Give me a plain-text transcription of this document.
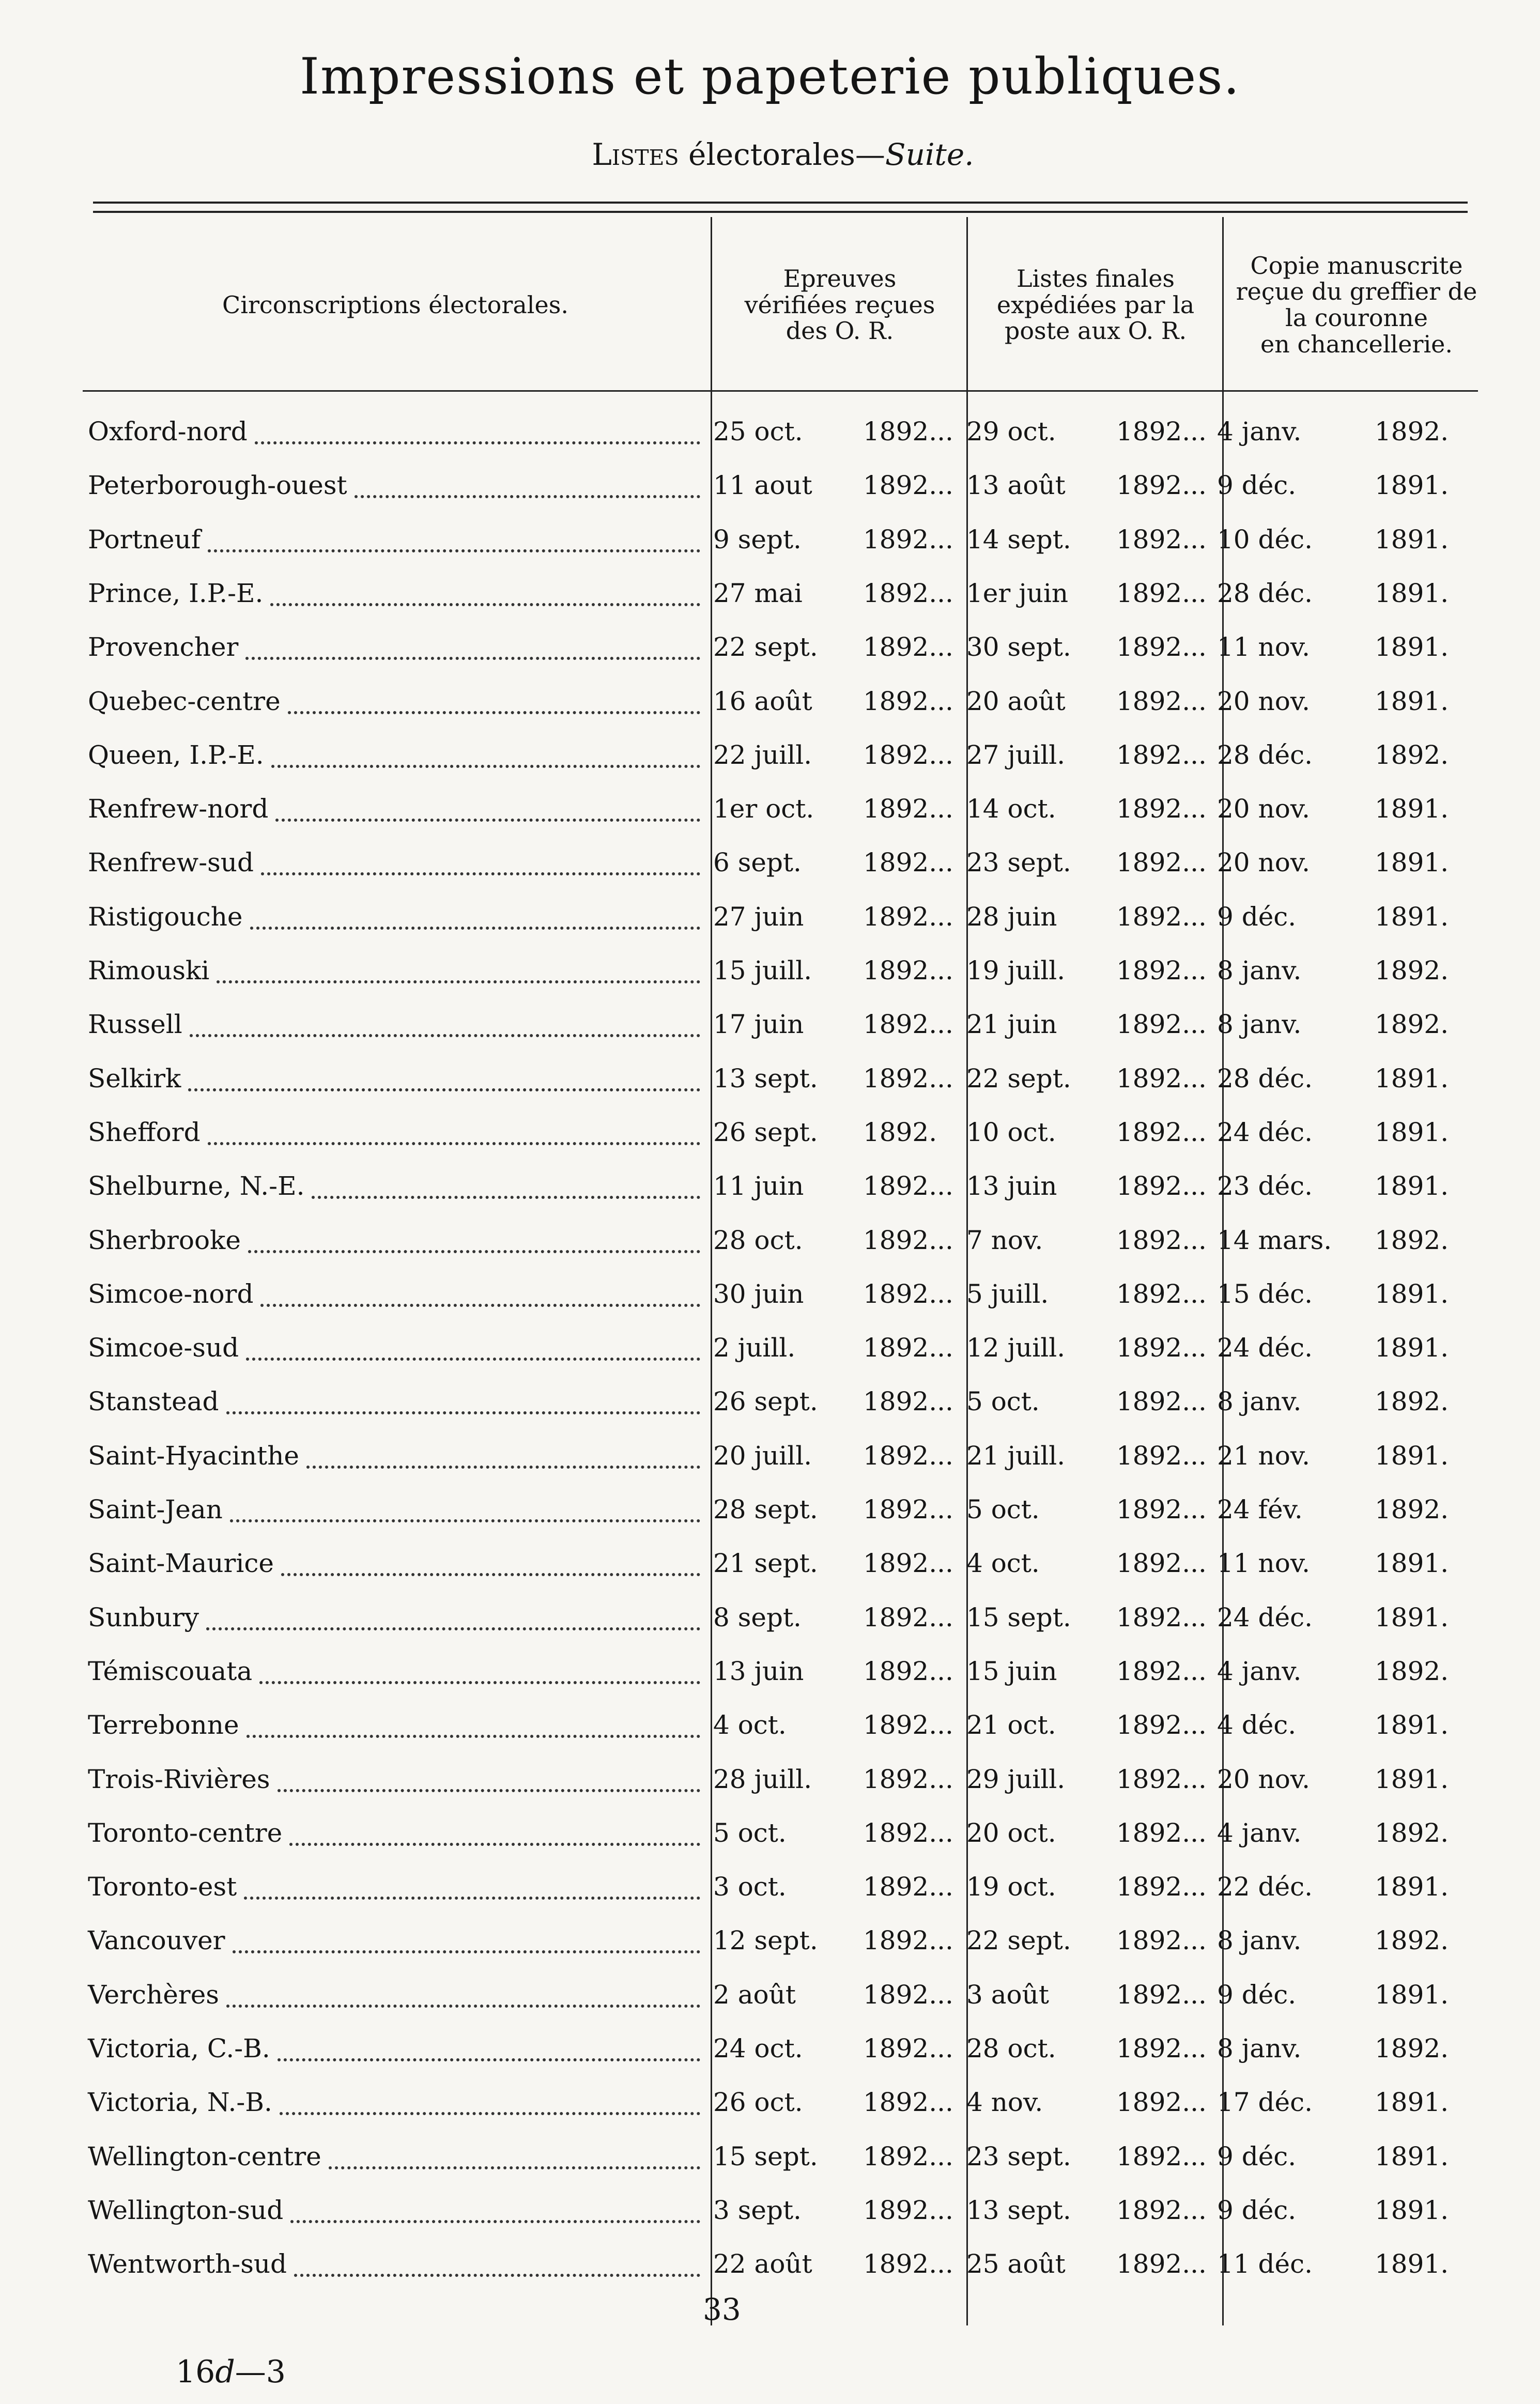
Impressions et papeterie publiques.
Listes électorales—Suite.
Circonscriptions électorales.
Epreuves
vérifiées reçues
des O. R.
Listes finales
expédiées par la
poste aux O. R.
Copie manuscrite
reçue du greffier de
la couronne
en chancellerie.
Oxford-nord	25 oct. 1892... 29 oct. 1892... 4 janv.	1892.
Peterborough-ouest	11 aout 1892... 13 août 1892... 9 déc.	1891.
Portneuf	9 sept. 1892... 14 sept. 1892... 10 déc. 1891.
Prince, I.P.-E.	27 mai 1892... 1er juin 1892... 28 déc. 1891.
Provencher	22 sept. 1892... 30 sept. 1892... 11 nov. 1891.
Quebec-centre	16 août 1892... 20 août 1892... 20 nov. 1891.
Queen, I.P.-E.	22 juill. 1892... 27 juill. 1892... 28 déc. 1892.
Renfrew-nord	1er oct. 1892... 14 oct. 1892... 20 nov. 1891.
Renfrew-sud	6 sept. 1892... 23 sept. 1892... 20 nov. 1891.
Ristigouche	27 juin 1892... 28 juin 1892... 9 déc.	1891.
Rimouski	15 juill. 1892... 19 juill. 1892... 8 janv.	1892.
Russell	17 juin 1892... 21 juin 1892... 8 janv.	1892.
Selkirk	13 sept. 1892... 22 sept. 1892... 28 déc. 1891.
Shefford	26 sept. 1892. 10 oct. 1892... 24 déc. 1891.
Shelburne, N.-E.	11 juin 1892... 13 juin 1892... 23 déc. 1891.
Sherbrooke	28 oct. 1892... 7 nov.	1892... 14 mars. 1892.
Simcoe-nord	30 juin 1892... 5 juill.	1892... 15 déc. 1891.
Simcoe-sud	2 juill.	1892... 12 juill. 1892... 24 déc. 1891.
Stanstead	26 sept. 1892... 5 oct.	1892... 8 janv.	1892.
Saint-Hyacinthe	20 juill. 1892... 21 juill. 1892... 21 nov. 1891.
Saint-Jean	28 sept. 1892... 5 oct.	1892... 24 fév.	1892.
Saint-Maurice	21 sept. 1892... 4 oct.	1892... 11 nov. 1891.
Sunbury	8 sept. 1892... 15 sept. 1892... 24 déc. 1891.
Témiscouata	13 juin 1892... 15 juin 1892... 4 janv.	1892.
Terrebonne	4 oct.	1892... 21 oct. 1892... 4 déc.	1891.
Trois-Rivières	28 juill. 1892... 29 juill. 1892... 20 nov. 1891.
Toronto-centre	5 oct.	1892... 20 oct. 1892... 4 janv.	1892.
Toronto-est	3 oct.	1892... 19 oct. 1892... 22 déc. 1891.
Vancouver	12 sept. 1892... 22 sept. 1892... 8 janv.	1892.
Verchères	2 août	1892... 3 août	1892... 9 déc.	1891.
Victoria, C.-B.	24 oct. 1892... 28 oct. 1892... 8 janv.	1892.
Victoria, N.-B.	26 oct. 1892... 4 nov.	1892... 17 déc. 1891.
Wellington-centre	15 sept. 1892... 23 sept. 1892... 9 déc.	1891.
Wellington-sud	3 sept. 1892... 13 sept. 1892... 9 déc.	1891.
Wentworth-sud	22 août 1892... 25 août 1892... 11 déc. 1891.
33
16d—3
